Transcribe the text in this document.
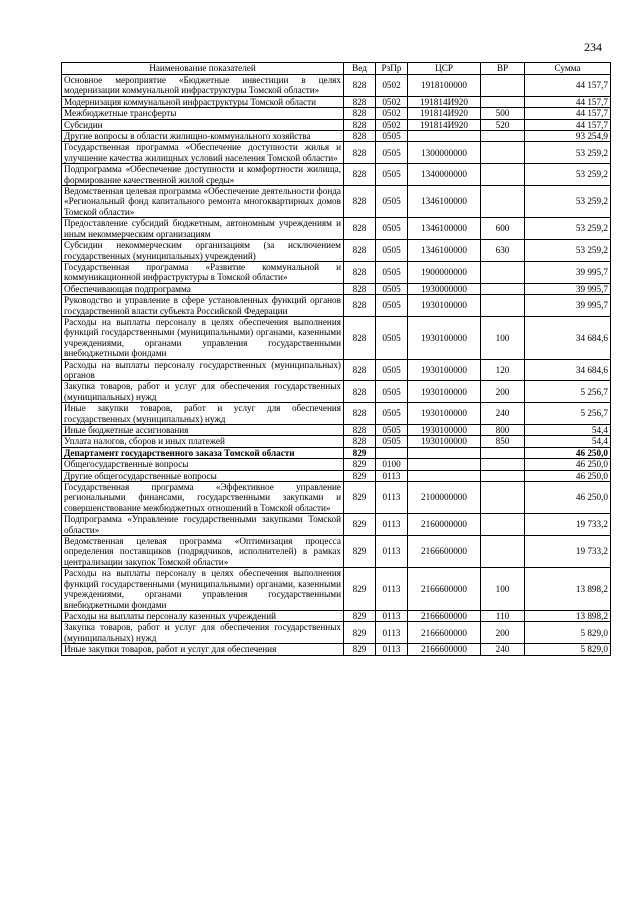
234
Наименование показателей	Вед	РзПр	ЦСР	ВР	Сумма
Основное мероприятие «Бюджетные инвестиции в целях модернизации коммунальной инфраструктуры Томской области»	828	0502	1918100000		44 157,7
Модернизация коммунальной инфраструктуры Томской области	828	0502	191814И920		44 157,7
Межбюджетные трансферты	828	0502	191814И920	500	44 157,7
Субсидии	828	0502	191814И920	520	44 157,7
Другие вопросы в области жилищно-коммунального хозяйства	828	0505			93 254,9
Государственная программа «Обеспечение доступности жилья и улучшение качества жилищных условий населения Томской области»	828	0505	1300000000		53 259,2
Подпрограмма «Обеспечение доступности и комфортности жилища, формирование качественной жилой среды»	828	0505	1340000000		53 259,2
Ведомственная целевая программа «Обеспечение деятельности фонда «Региональный фонд капитального ремонта многоквартирных домов Томской области»	828	0505	1346100000		53 259,2
Предоставление субсидий бюджетным, автономным учреждениям и иным некоммерческим организациям	828	0505	1346100000	600	53 259,2
Субсидии некоммерческим организациям (за исключением государственных (муниципальных) учреждений)	828	0505	1346100000	630	53 259,2
Государственная программа «Развитие коммунальной и коммуникационной инфраструктуры в Томской области»	828	0505	1900000000		39 995,7
Обеспечивающая подпрограмма	828	0505	1930000000		39 995,7
Руководство и управление в сфере установленных функций органов государственной власти субъекта Российской Федерации	828	0505	1930100000		39 995,7
Расходы на выплаты персоналу в целях обеспечения выполнения функций государственными (муниципальными) органами, казенными учреждениями, органами управления государственными внебюджетными фондами	828	0505	1930100000	100	34 684,6
Расходы на выплаты персоналу государственных (муниципальных) органов	828	0505	1930100000	120	34 684,6
Закупка товаров, работ и услуг для обеспечения государственных (муниципальных) нужд	828	0505	1930100000	200	5 256,7
Иные закупки товаров, работ и услуг для обеспечения государственных (муниципальных) нужд	828	0505	1930100000	240	5 256,7
Иные бюджетные ассигнования	828	0505	1930100000	800	54,4
Уплата налогов, сборов и иных платежей	828	0505	1930100000	850	54,4
Департамент государственного заказа Томской области	829				46 250,0
Общегосударственные вопросы	829	0100			46 250,0
Другие общегосударственные вопросы	829	0113			46 250,0
Государственная программа «Эффективное управление региональными финансами, государственными закупками и совершенствование межбюджетных отношений в Томской области»	829	0113	2100000000		46 250,0
Подпрограмма «Управление государственными закупками Томской области»	829	0113	2160000000		19 733,2
Ведомственная целевая программа «Оптимизация процесса определения поставщиков (подрядчиков, исполнителей) в рамках централизации закупок Томской области»	829	0113	2166600000		19 733,2
Расходы на выплаты персоналу в целях обеспечения выполнения функций государственными (муниципальными) органами, казенными учреждениями, органами управления государственными внебюджетными фондами	829	0113	2166600000	100	13 898,2
Расходы на выплаты персоналу казенных учреждений	829	0113	2166600000	110	13 898,2
Закупка товаров, работ и услуг для обеспечения государственных (муниципальных) нужд	829	0113	2166600000	200	5 829,0
Иные закупки товаров, работ и услуг для обеспечения	829	0113	2166600000	240	5 829,0
